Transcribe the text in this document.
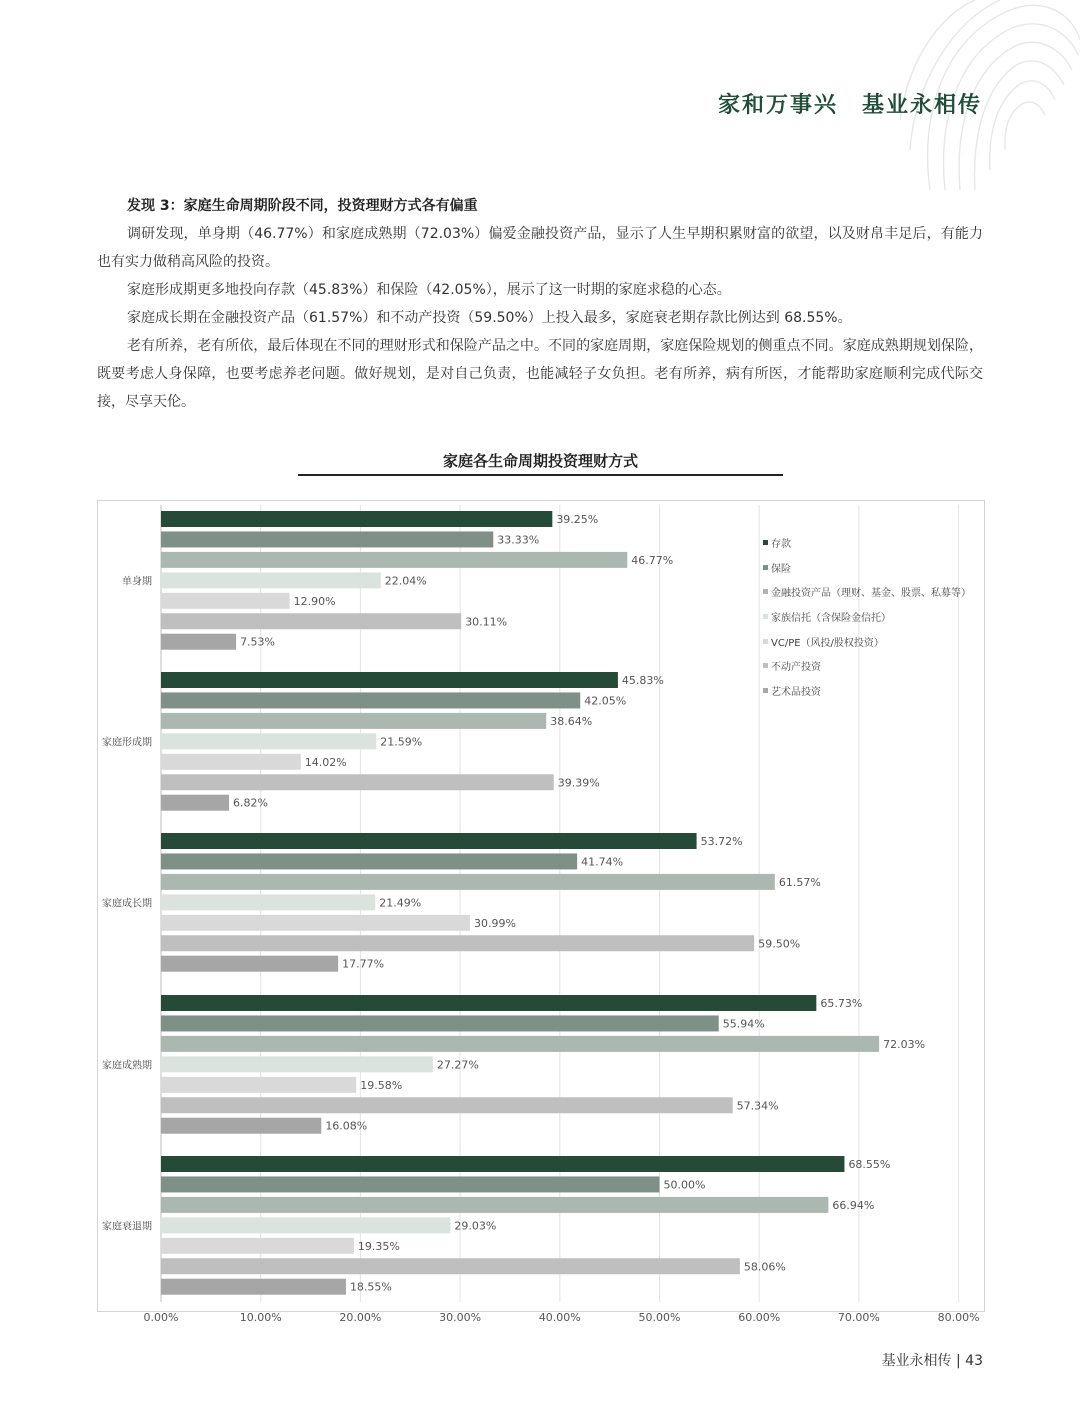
家和万事兴　基业永相传
发现 3：家庭生命周期阶段不同，投资理财方式各有偏重

调研发现，单身期（46.77%）和家庭成熟期（72.03%）偏爱金融投资产品，显示了人生早期积累财富的欲望，以及财帛丰足后，有能力也有实力做稍高风险的投资。

家庭形成期更多地投向存款（45.83%）和保险（42.05%），展示了这一时期的家庭求稳的心态。

家庭成长期在金融投资产品（61.57%）和不动产投资（59.50%）上投入最多，家庭衰老期存款比例达到 68.55%。

老有所养，老有所依，最后体现在不同的理财形式和保险产品之中。不同的家庭周期，家庭保险规划的侧重点不同。家庭成熟期规划保险，既要考虑人身保障，也要考虑养老问题。做好规划，是对自己负责，也能减轻子女负担。老有所养，病有所医，才能帮助家庭顺利完成代际交接，尽享天伦。

家庭各生命周期投资理财方式
0.00%	10.00%	20.00%	30.00%	40.00%	50.00%	60.00%	70.00%	80.00%
39.25%
33.33%
46.77%
22.04%
12.90%
30.11%
7.53%
单身期
45.83%
42.05%
38.64%
21.59%
14.02%
39.39%
6.82%
家庭形成期
53.72%
41.74%
61.57%
21.49%
30.99%
59.50%
17.77%
家庭成长期
65.73%
55.94%
72.03%
27.27%
19.58%
57.34%
16.08%
家庭成熟期
68.55%
50.00%
66.94%
29.03%
19.35%
58.06%
18.55%
家庭衰退期
存款
保险
金融投资产品（理财、基金、股票、私募等）
家族信托（含保险金信托）
VC/PE（风投/股权投资）
不动产投资
艺术品投资
基业永相传 | 43
